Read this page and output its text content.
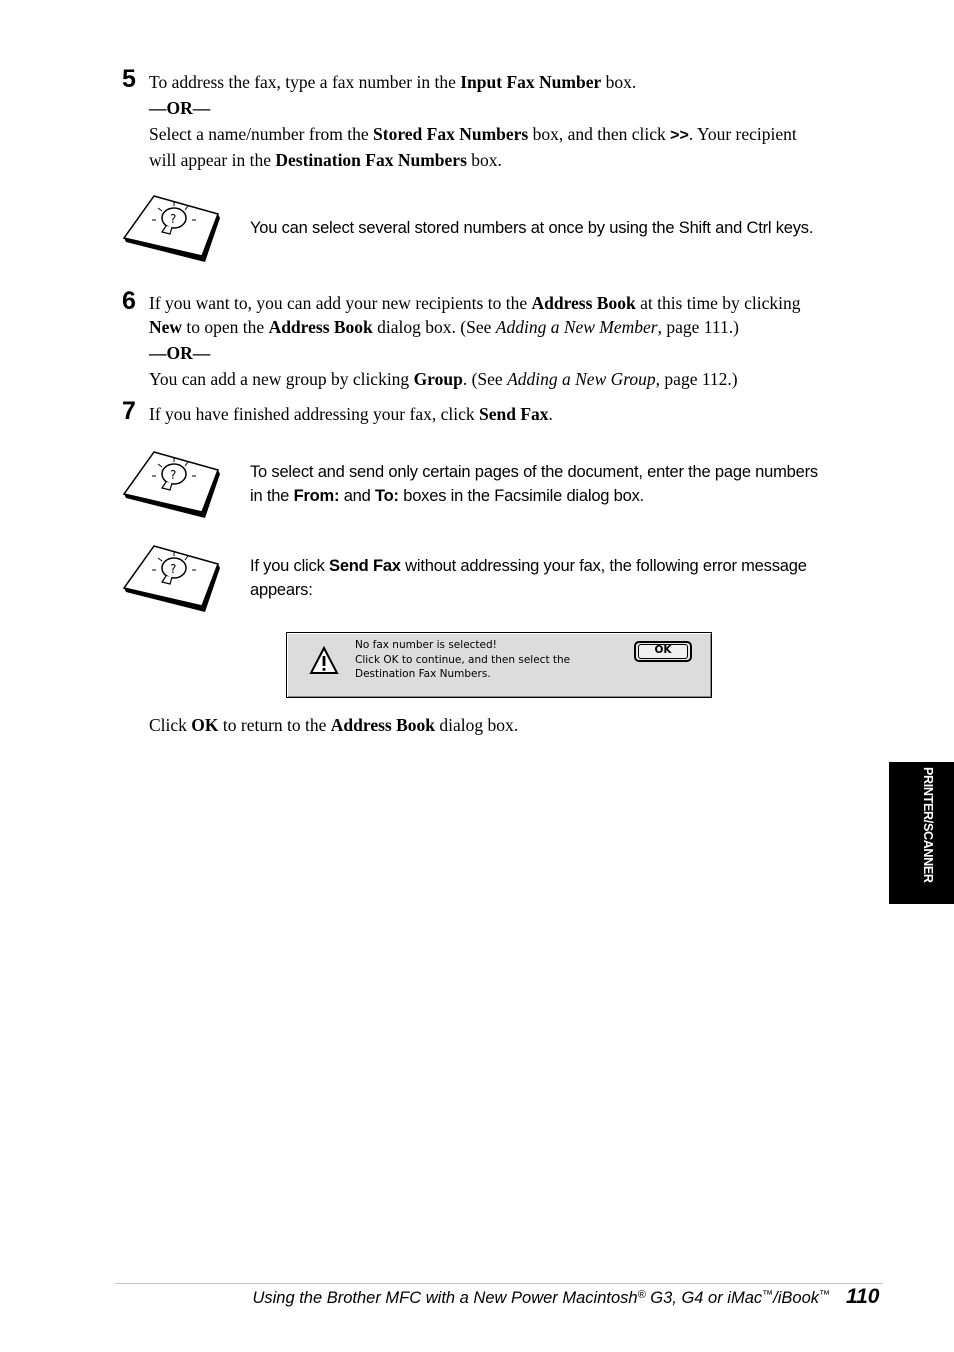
5 To address the fax, type a fax number in the Input Fax Number box.
—OR—
Select a name/number from the Stored Fax Numbers box, and then click >>. Your recipient
will appear in the Destination Fax Numbers box.
?	You can select several stored numbers at once by using the Shift and Ctrl keys.
6 If you want to, you can add your new recipients to the Address Book at this time by clicking
New to open the Address Book dialog box. (See Adding a New Member, page 111.)
—OR—
You can add a new group by clicking Group. (See Adding a New Group, page 112.)
7 If you have finished addressing your fax, click Send Fax.
?	To select and send only certain pages of the document, enter the page numbers
in the From: and To: boxes in the Facsimile dialog box.
?	If you click Send Fax without addressing your fax, the following error message
appears:
No fax number is selected!
Click OK to continue, and then select the
Destination Fax Numbers.
OK
Click OK to return to the Address Book dialog box.
PRINTER/SCANNER
Using the Brother MFC with a New Power Macintosh® G3, G4 or iMac™/iBook™ 110
